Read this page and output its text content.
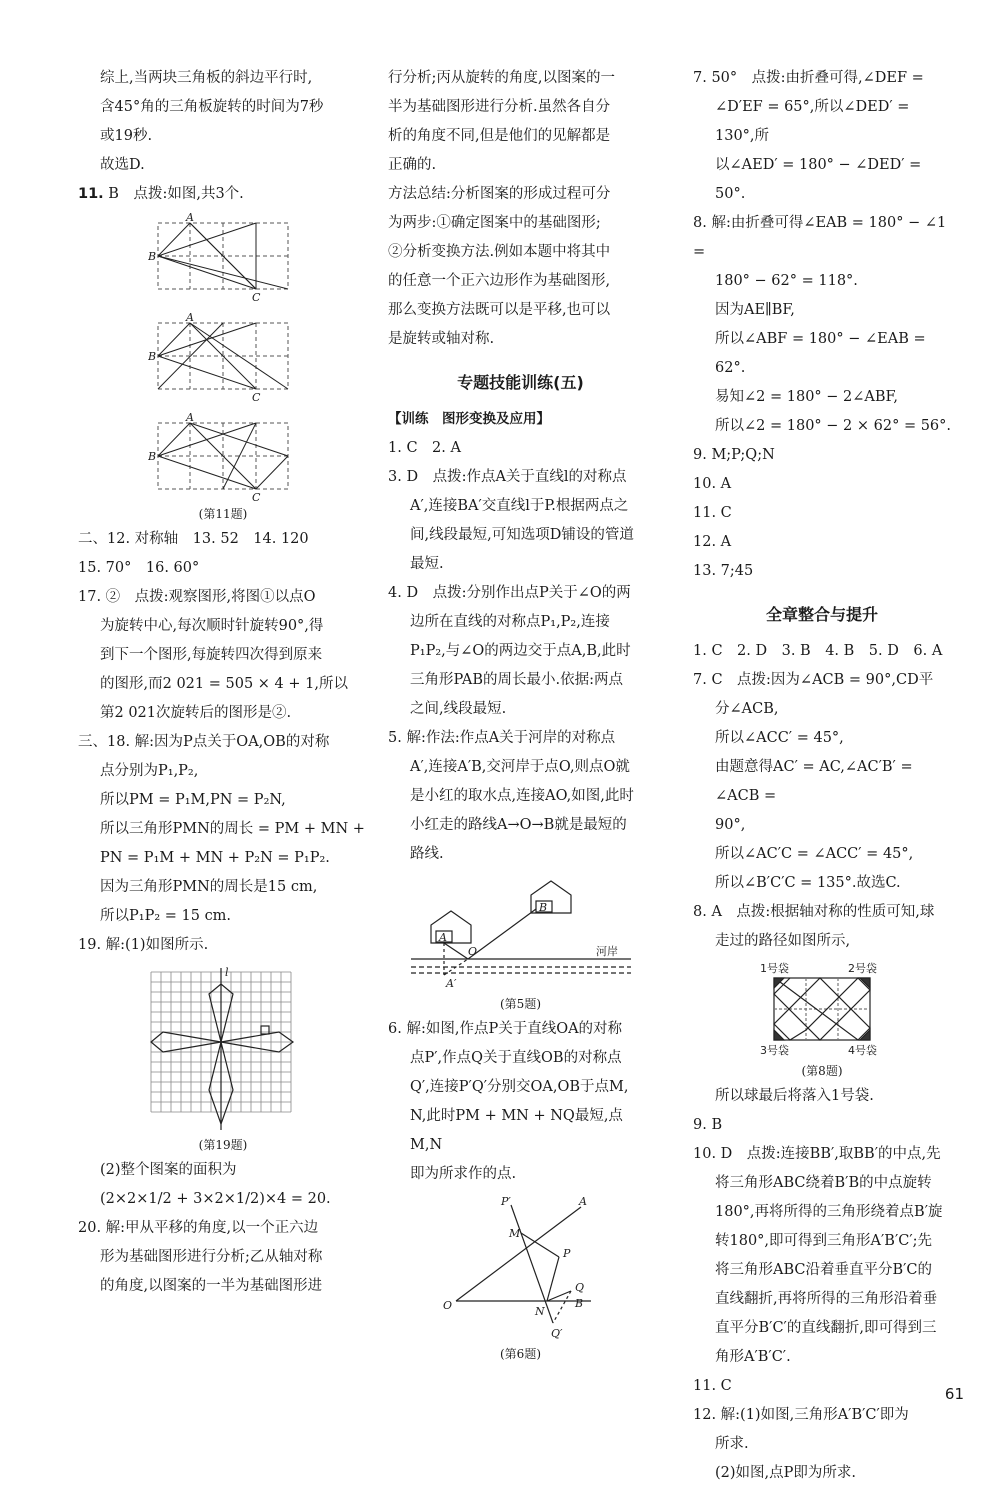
综上,当两块三角板的斜边平行时,

含45°角的三角板旋转的时间为7秒

或19秒.

故选D.

11. B　点拨:如图,共3个.

A
B
C
A
B
C
A
B
C
(第11题)

二、12. 对称轴　13. 52　14. 120

15. 70°　16. 60°

17. ②　点拨:观察图形,将图①以点O

为旋转中心,每次顺时针旋转90°,得

到下一个图形,每旋转四次得到原来

的图形,而2 021 = 505 × 4 + 1,所以

第2 021次旋转后的图形是②.

三、18. 解:因为P点关于OA,OB的对称

点分别为P₁,P₂,

所以PM = P₁M,PN = P₂N,

所以三角形PMN的周长 = PM + MN +

PN = P₁M + MN + P₂N = P₁P₂.

因为三角形PMN的周长是15 cm,

所以P₁P₂ = 15 cm.

19. 解:(1)如图所示.

l
(第19题)

(2)整个图案的面积为

(2×2×1/2 + 3×2×1/2)×4 = 20.

20. 解:甲从平移的角度,以一个正六边

形为基础图形进行分析;乙从轴对称

的角度,以图案的一半为基础图形进

行分析;丙从旋转的角度,以图案的一

半为基础图形进行分析.虽然各自分

析的角度不同,但是他们的见解都是

正确的.

方法总结:分析图案的形成过程可分

为两步:①确定图案中的基础图形;

②分析变换方法.例如本题中将其中

的任意一个正六边形作为基础图形,

那么变换方法既可以是平移,也可以

是旋转或轴对称.

专题技能训练(五)

【训练　图形变换及应用】

1. C　2. A

3. D　点拨:作点A关于直线l的对称点

A′,连接BA′交直线l于P.根据两点之

间,线段最短,可知选项D铺设的管道

最短.

4. D　点拨:分别作出点P关于∠O的两

边所在直线的对称点P₁,P₂,连接

P₁P₂,与∠O的两边交于点A,B,此时

三角形PAB的周长最小.依据:两点

之间,线段最短.

5. 解:作法:作点A关于河岸的对称点

A′,连接A′B,交河岸于点O,则点O就

是小红的取水点,连接AO,如图,此时

小红走的路线A→O→B就是最短的

路线.

A
B
O
A′
河岸
(第5题)

6. 解:如图,作点P关于直线OA的对称

点P′,作点Q关于直线OB的对称点

Q′,连接P′Q′分别交OA,OB于点M,

N,此时PM + MN + NQ最短,点M,N

即为所求作的点.

P′	A
M
P
Q
O	N
B
Q′
(第6题)

7. 50°　点拨:由折叠可得,∠DEF =

∠D′EF = 65°,所以∠DED′ = 130°,所

以∠AED′ = 180° − ∠DED′ = 50°.

8. 解:由折叠可得∠EAB = 180° − ∠1 =

180° − 62° = 118°.

因为AE∥BF,

所以∠ABF = 180° − ∠EAB = 62°.

易知∠2 = 180° − 2∠ABF,

所以∠2 = 180° − 2 × 62° = 56°.

9. M;P;Q;N

10. A

11. C

12. A

13. 7;45

全章整合与提升

1. C　2. D　3. B　4. B　5. D　6. A

7. C　点拨:因为∠ACB = 90°,CD平

分∠ACB,

所以∠ACC′ = 45°,

由题意得AC′ = AC,∠AC′B′ = ∠ACB =

90°,

所以∠AC′C = ∠ACC′ = 45°,

所以∠B′C′C = 135°.故选C.

8. A　点拨:根据轴对称的性质可知,球

走过的路径如图所示,

1号袋	2号袋
3号袋	4号袋
(第8题)

所以球最后将落入1号袋.

9. B

10. D　点拨:连接BB′,取BB′的中点,先

将三角形ABC绕着B′B的中点旋转

180°,再将所得的三角形绕着点B′旋

转180°,即可得到三角形A′B′C′;先

将三角形ABC沿着垂直平分B′C的

直线翻折,再将所得的三角形沿着垂

直平分B′C′的直线翻折,即可得到三

角形A′B′C′.

11. C

12. 解:(1)如图,三角形A′B′C′即为

所求.

(2)如图,点P即为所求.

61
